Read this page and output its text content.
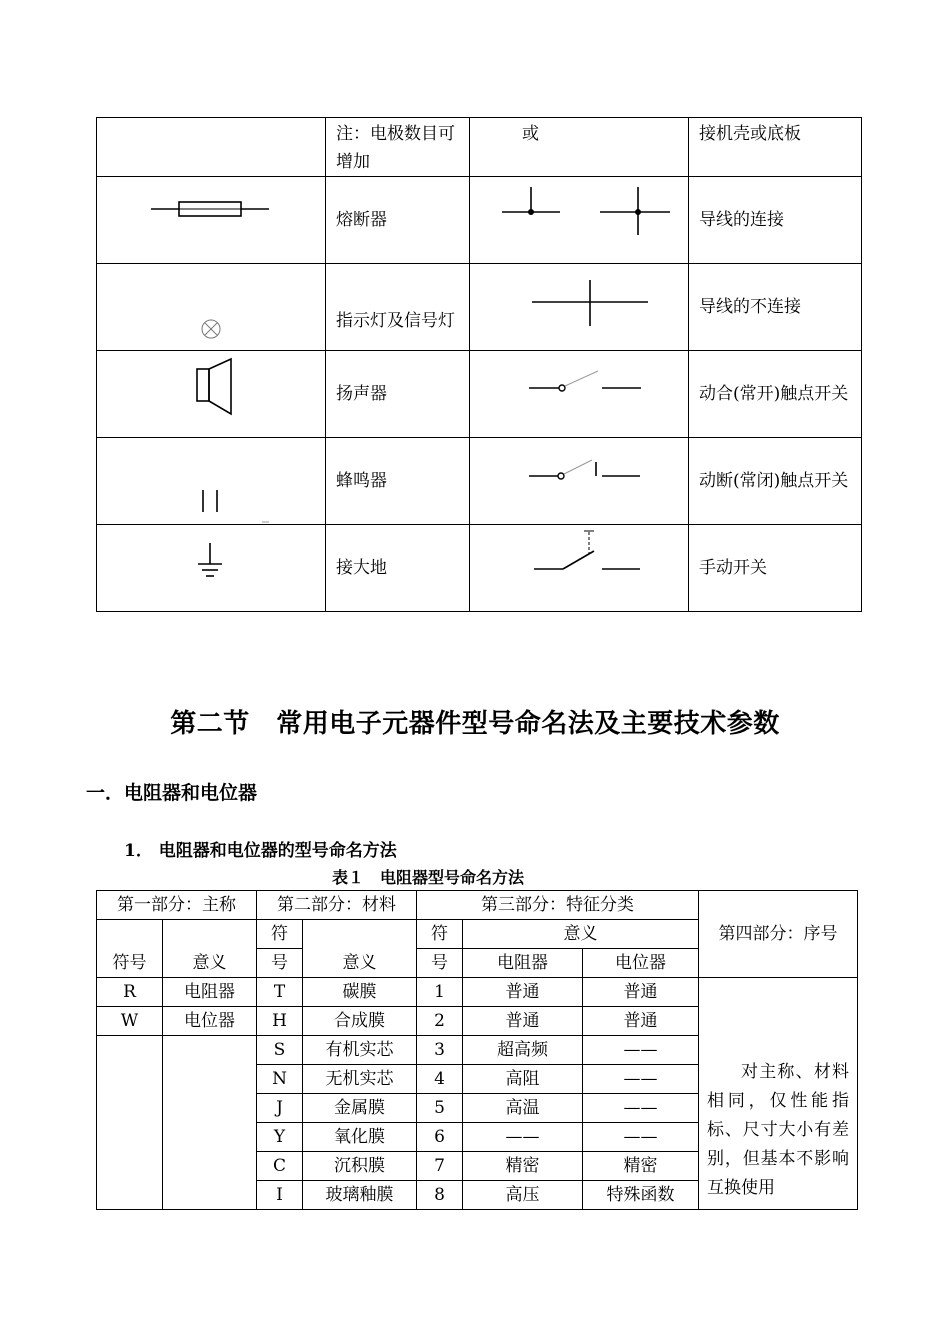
	注：电极数目可增加	或	接机壳或底板

	熔断器		导线的连接

	指示灯及信号灯		导线的不连接

	扬声器		动合(常开)触点开关

	蜂鸣器		动断(常闭)触点开关

	接大地		手动开关
第二节　常用电子元器件型号命名法及主要技术参数
一．电阻器和电位器
1． 电阻器和电位器的型号命名方法

表１　电阻器型号命名方法

第一部分：主称		第二部分：材料		第三部分：特征分类			第四部分：序号
符号	意义	符	意义	符	意义		
		号		号	电阻器	电位器	
R	电阻器	T	碳膜	1	普通	普通	对主称、材料相同，仅性能指标、尺寸大小有差别，但基本不影响互换使用

W	电位器	H	合成膜	2	普通	普通	
		S	有机实芯	3	超高频	——	
		N	无机实芯	4	高阻	——	
		J	金属膜	5	高温	——	
		Y	氧化膜	6	——	——	
		C	沉积膜	7	精密	精密	
		I	玻璃釉膜	8	高压	特殊函数	
